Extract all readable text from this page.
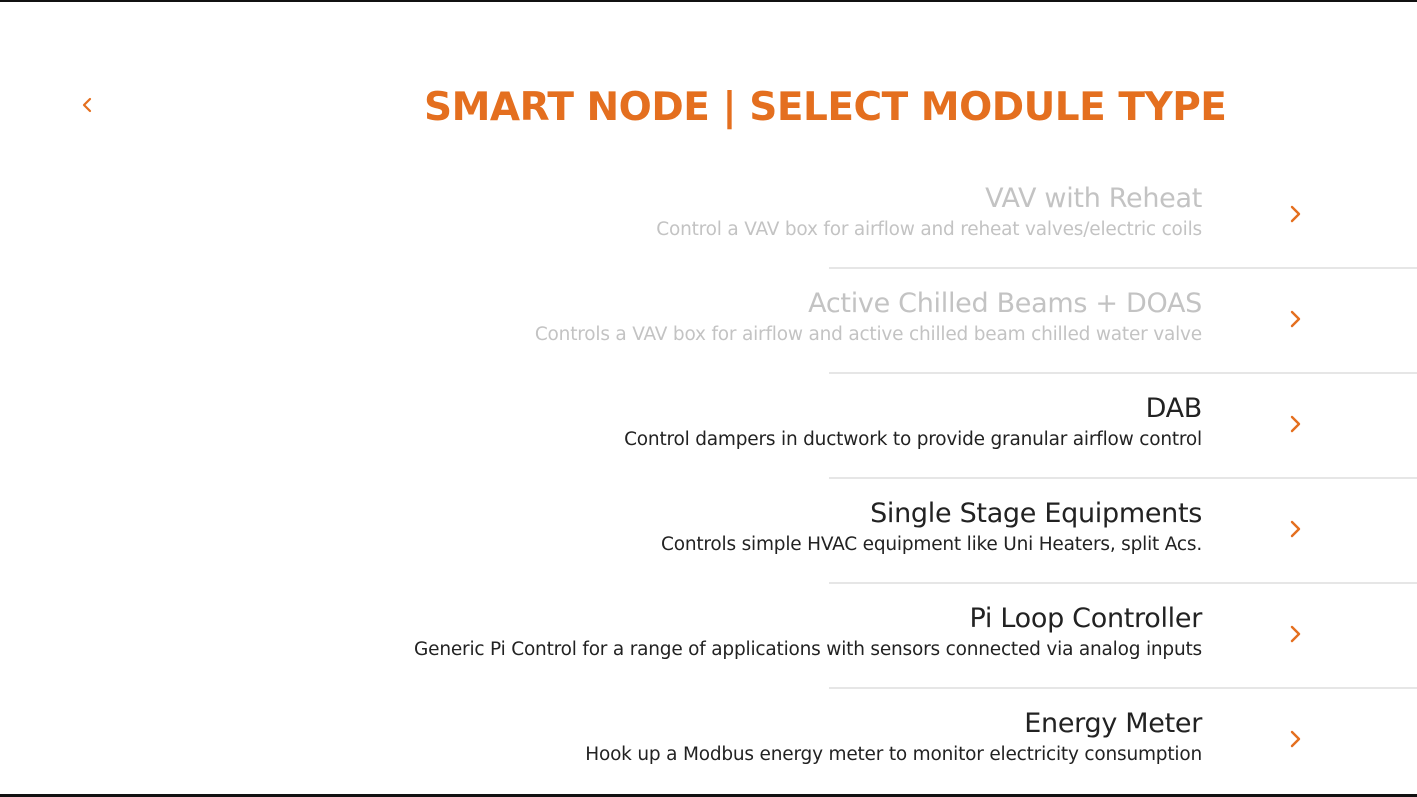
SMART NODE | SELECT MODULE TYPE
VAV with Reheat
Control a VAV box for airflow and reheat valves/electric coils
Active Chilled Beams + DOAS
Controls a VAV box for airflow and active chilled beam chilled water valve
DAB
Control dampers in ductwork to provide granular airflow control
Single Stage Equipments
Controls simple HVAC equipment like Uni Heaters, split Acs.
Pi Loop Controller
Generic Pi Control for a range of applications with sensors connected via analog inputs
Energy Meter
Hook up a Modbus energy meter to monitor electricity consumption
